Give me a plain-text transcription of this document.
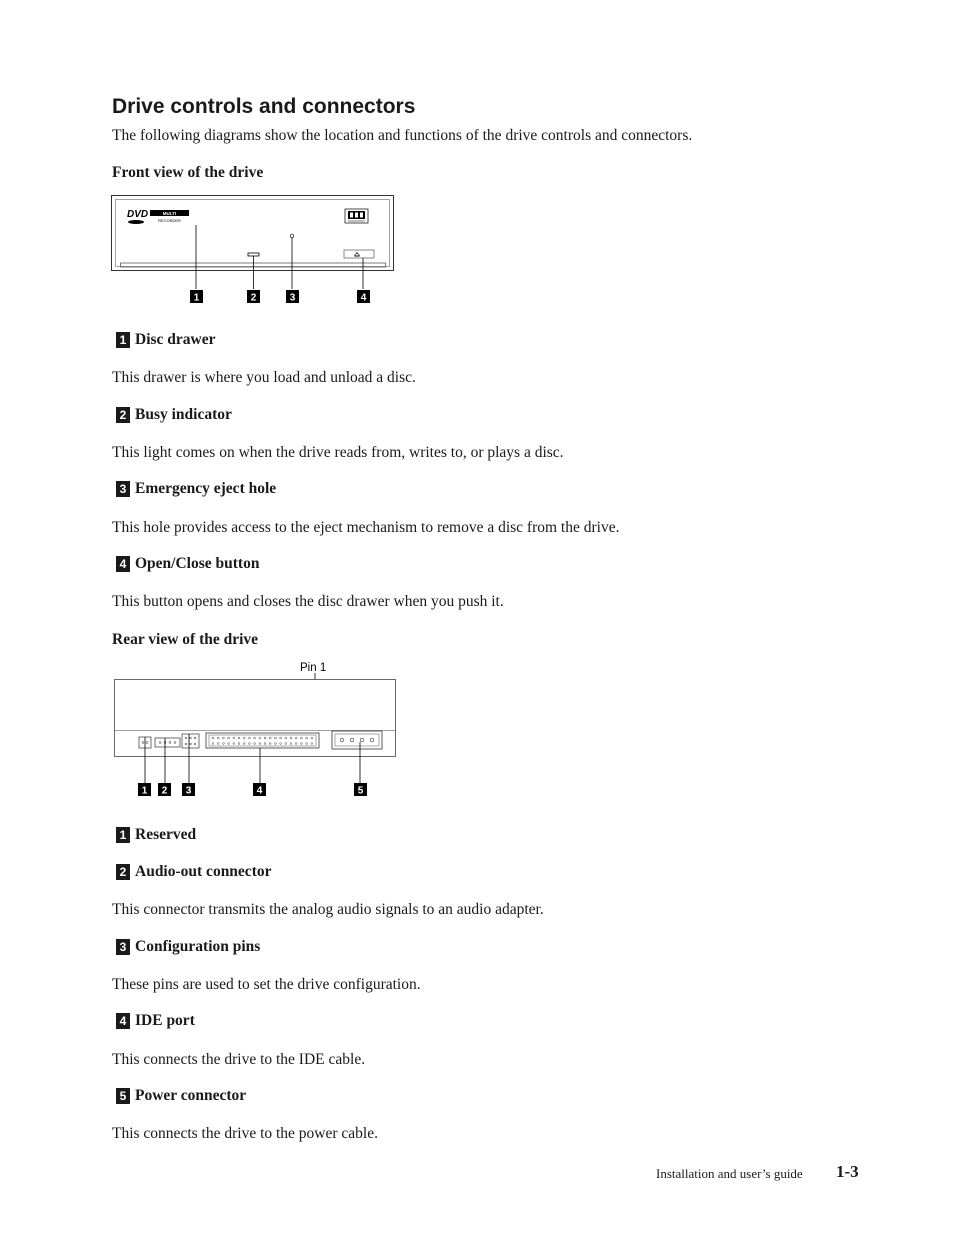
Drive controls and connectors

The following diagrams show the location and functions of the drive controls and connectors.

Front view of the drive

DVD	MULTI
RECORDER
1	2	3	4
1 Disc drawer

This drawer is where you load and unload a disc.

2 Busy indicator

This light comes on when the drive reads from, writes to, or plays a disc.

3 Emergency eject hole

This hole provides access to the eject mechanism to remove a disc from the drive.

4 Open/Close button

This button opens and closes the disc drawer when you push it.

Rear view of the drive

Pin 1
1 2 3	4	5
1 Reserved
2 Audio-out connector

This connector transmits the analog audio signals to an audio adapter.

3 Configuration pins

These pins are used to set the drive configuration.

4 IDE port

This connects the drive to the IDE cable.

5 Power connector

This connects the drive to the power cable.

Installation and user’s guide 1-3
